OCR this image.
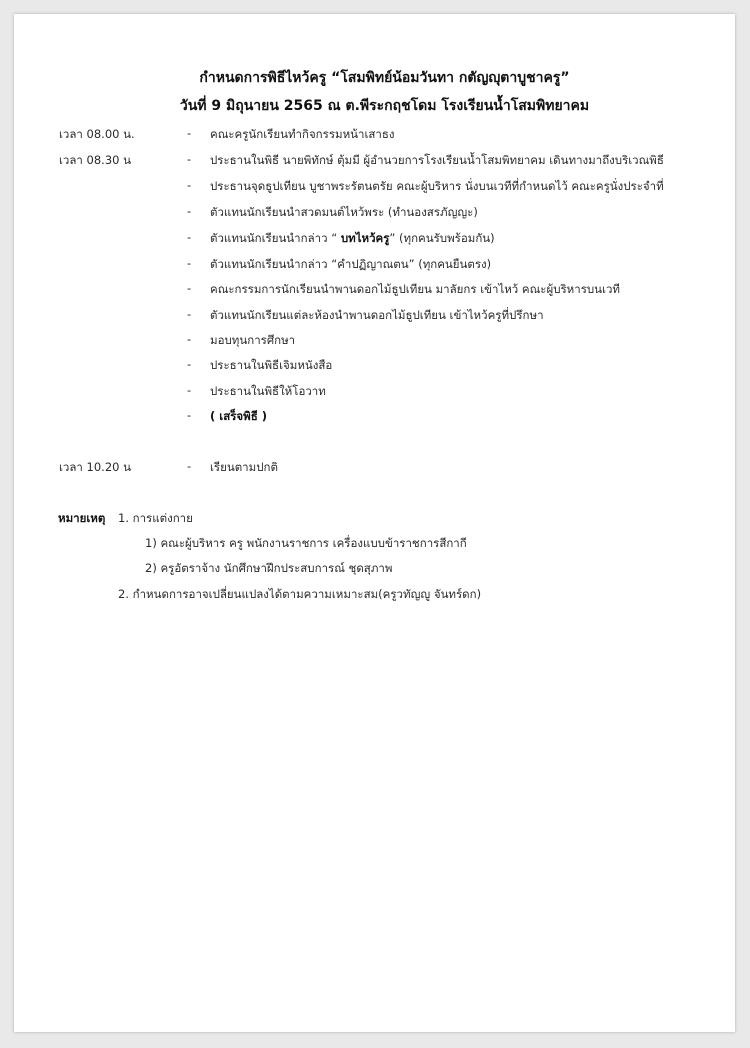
กำหนดการพิธีไหว้ครู “โสมพิทย์น้อมวันทา กตัญญุตาบูชาครู”
วันที่ 9 มิถุนายน 2565 ณ ต.พีระกฤชโดม โรงเรียนน้ำโสมพิทยาคม
เวลา 08.00 น.	- คณะครูนักเรียนทำกิจกรรมหน้าเสาธง
เวลา 08.30 น	- ประธานในพิธี นายพิทักษ์ ตุ้มมี ผู้อำนวยการโรงเรียนน้ำโสมพิทยาคม เดินทางมาถึงบริเวณพิธี
- ประธานจุดธูปเทียน บูชาพระรัตนตรัย คณะผู้บริหาร นั่งบนเวทีที่กำหนดไว้ คณะครูนั่งประจำที่
- ตัวแทนนักเรียนนำสวดมนต์ไหว้พระ (ทำนองสรภัญญะ)
- ตัวแทนนักเรียนนำกล่าว “ บทไหว้ครู” (ทุกคนรับพร้อมกัน)
- ตัวแทนนักเรียนนำกล่าว “คำปฏิญาณตน” (ทุกคนยืนตรง)
- คณะกรรมการนักเรียนนำพานดอกไม้ธูปเทียน มาลัยกร เข้าไหว้ คณะผู้บริหารบนเวที
- ตัวแทนนักเรียนแต่ละห้องนำพานดอกไม้ธูปเทียน เข้าไหว้ครูที่ปรึกษา
- มอบทุนการศึกษา
- ประธานในพิธีเจิมหนังสือ
- ประธานในพิธีให้โอวาท
- ( เสร็จพิธี )
เวลา 10.20 น	- เรียนตามปกติ
หมายเหตุ 1. การแต่งกาย
1) คณะผู้บริหาร ครู พนักงานราชการ เครื่องแบบข้าราชการสีกากี
2) ครูอัตราจ้าง นักศึกษาฝึกประสบการณ์ ชุดสุภาพ
2. กำหนดการอาจเปลี่ยนแปลงได้ตามความเหมาะสม(ครูวทัญญู จันทร์ดก)
